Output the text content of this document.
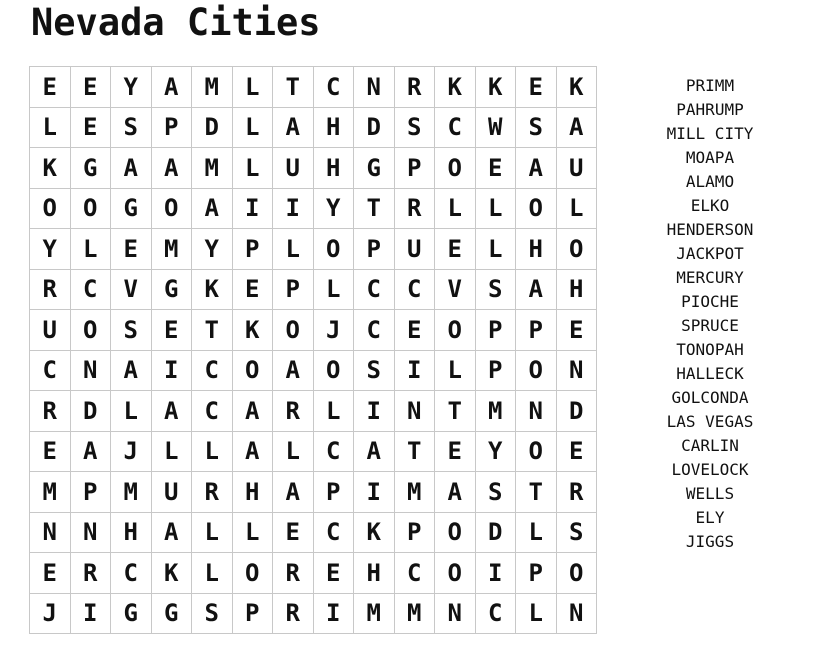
Nevada Cities
E	E	Y	A	M	L	T	C	N	R	K	K	E	K
L	E	S	P	D	L	A	H	D	S	C	W	S	A
K	G	A	A	M	L	U	H	G	P	O	E	A	U
O	O	G	O	A	I	I	Y	T	R	L	L	O	L
Y	L	E	M	Y	P	L	O	P	U	E	L	H	O
R	C	V	G	K	E	P	L	C	C	V	S	A	H
U	O	S	E	T	K	O	J	C	E	O	P	P	E
C	N	A	I	C	O	A	O	S	I	L	P	O	N
R	D	L	A	C	A	R	L	I	N	T	M	N	D
E	A	J	L	L	A	L	C	A	T	E	Y	O	E
M	P	M	U	R	H	A	P	I	M	A	S	T	R
N	N	H	A	L	L	E	C	K	P	O	D	L	S
E	R	C	K	L	O	R	E	H	C	O	I	P	O
J	I	G	G	S	P	R	I	M	M	N	C	L	N
PRIMM
PAHRUMP
MILL CITY
MOAPA
ALAMO
ELKO
HENDERSON
JACKPOT
MERCURY
PIOCHE
SPRUCE
TONOPAH
HALLECK
GOLCONDA
LAS VEGAS
CARLIN
LOVELOCK
WELLS
ELY
JIGGS
